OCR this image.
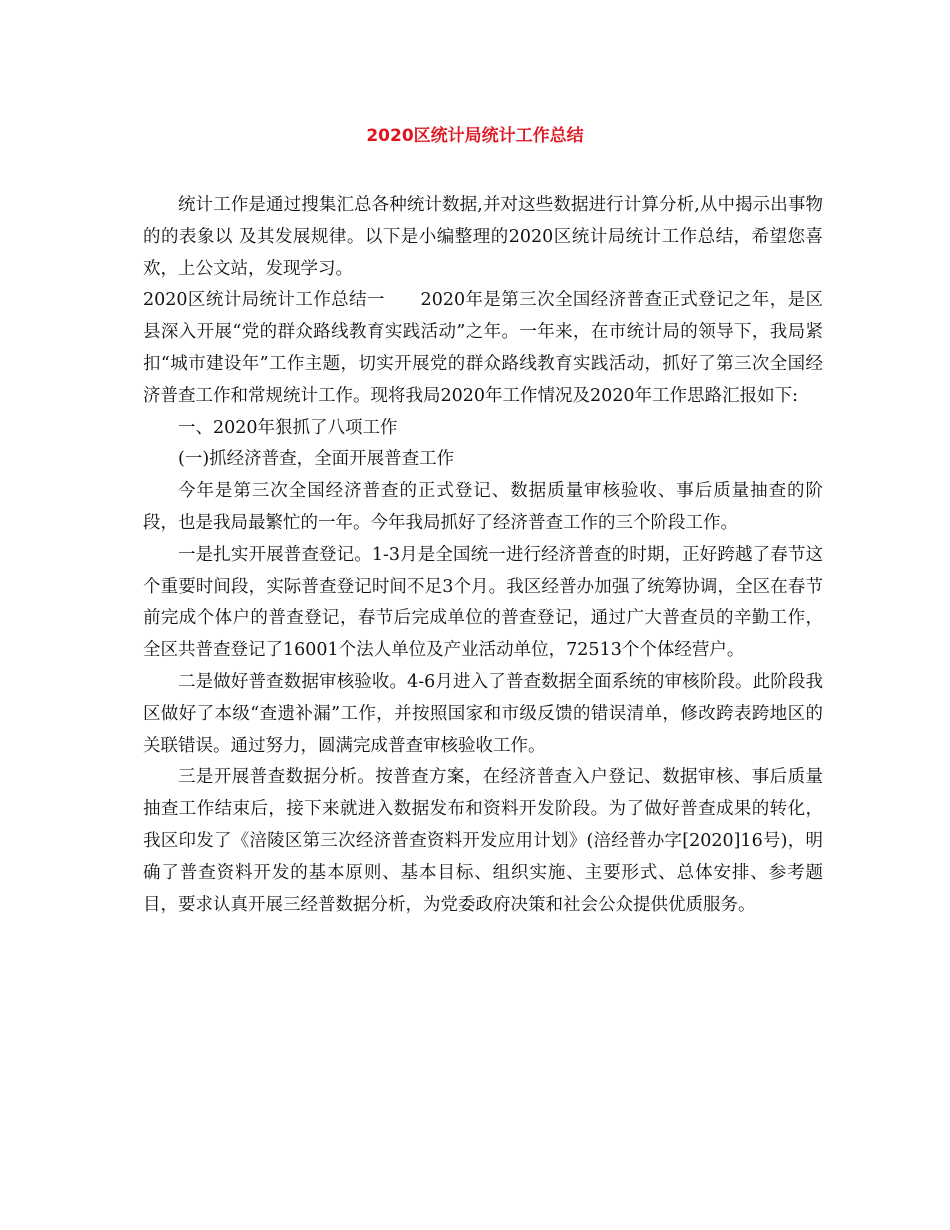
2020区统计局统计工作总结

统计工作是通过搜集汇总各种统计数据,并对这些数据进行计算分析,从中揭示出事物的的表象以 及其发展规律。以下是小编整理的2020区统计局统计工作总结，希望您喜欢，上公文站，发现学习。

2020区统计局统计工作总结一　　2020年是第三次全国经济普查正式登记之年，是区县深入开展“党的群众路线教育实践活动”之年。一年来，在市统计局的领导下，我局紧扣“城市建设年”工作主题，切实开展党的群众路线教育实践活动，抓好了第三次全国经济普查工作和常规统计工作。现将我局2020年工作情况及2020年工作思路汇报如下:

一、2020年狠抓了八项工作

(一)抓经济普查，全面开展普查工作

今年是第三次全国经济普查的正式登记、数据质量审核验收、事后质量抽查的阶段，也是我局最繁忙的一年。今年我局抓好了经济普查工作的三个阶段工作。

一是扎实开展普查登记。1-3月是全国统一进行经济普查的时期，正好跨越了春节这个重要时间段，实际普查登记时间不足3个月。我区经普办加强了统筹协调，全区在春节前完成个体户的普查登记，春节后完成单位的普查登记，通过广大普查员的辛勤工作，全区共普查登记了16001个法人单位及产业活动单位，72513个个体经营户。

二是做好普查数据审核验收。4-6月进入了普查数据全面系统的审核阶段。此阶段我区做好了本级“查遗补漏”工作，并按照国家和市级反馈的错误清单，修改跨表跨地区的关联错误。通过努力，圆满完成普查审核验收工作。

三是开展普查数据分析。按普查方案，在经济普查入户登记、数据审核、事后质量抽查工作结束后，接下来就进入数据发布和资料开发阶段。为了做好普查成果的转化，我区印发了《涪陵区第三次经济普查资料开发应用计划》(涪经普办字[2020]16号)，明确了普查资料开发的基本原则、基本目标、组织实施、主要形式、总体安排、参考题目，要求认真开展三经普数据分析，为党委政府决策和社会公众提供优质服务。
